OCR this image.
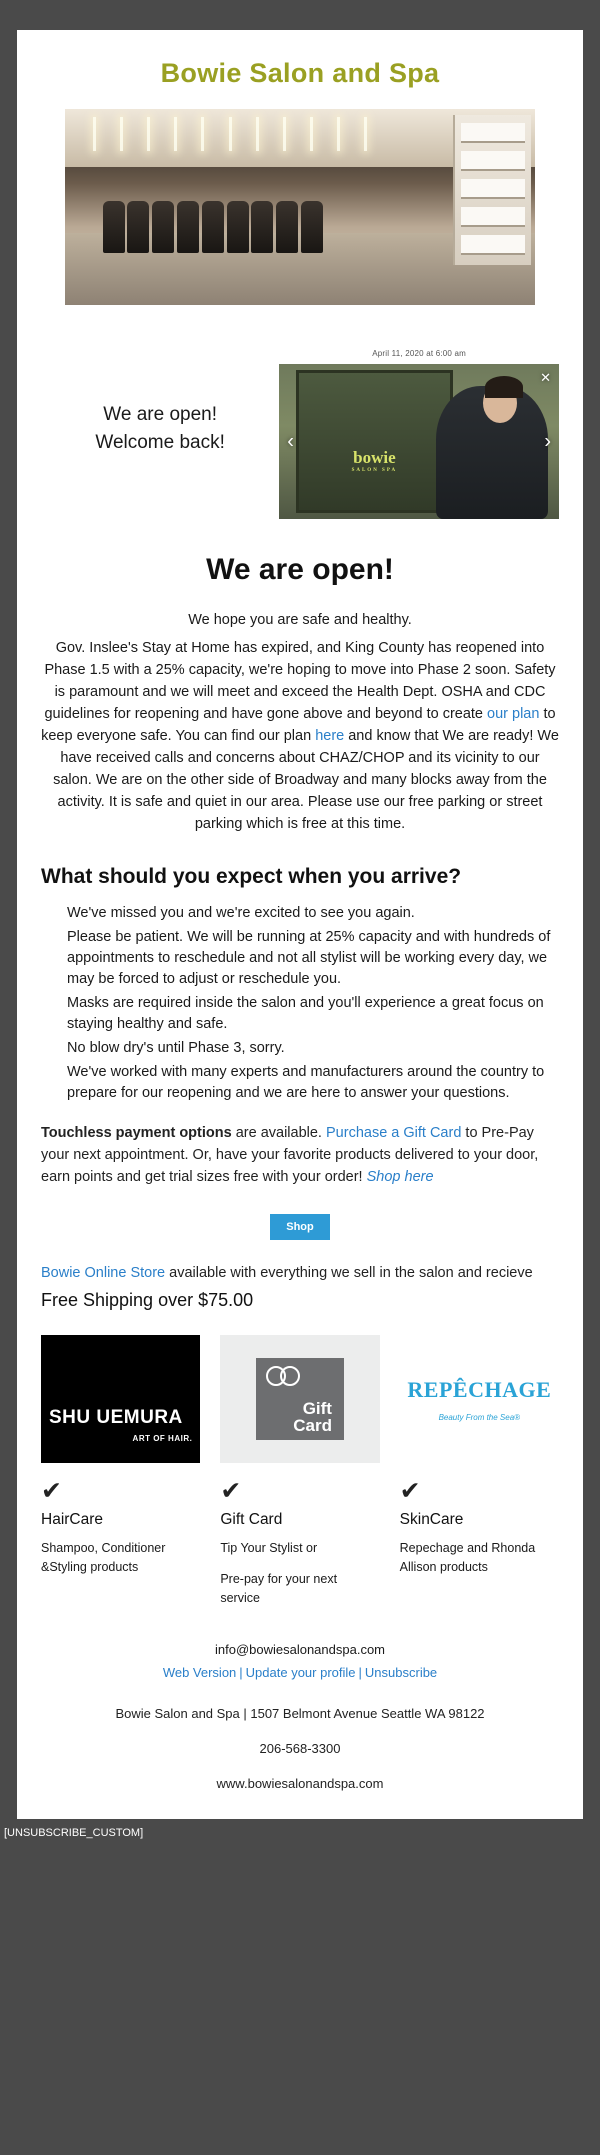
Bowie Salon and Spa

We are open!

Welcome back!

April 11, 2020 at 6:00 am
bowie
SALON SPA
‹	›
✕
We are open!

We hope you are safe and healthy.

Gov. Inslee's Stay at Home has expired, and King County has reopened into Phase 1.5 with a 25% capacity, we're hoping to move into Phase 2 soon. Safety is paramount and we will meet and exceed the Health Dept. OSHA and CDC guidelines for reopening and have gone above and beyond to create our plan to keep everyone safe. You can find our plan here and know that We are ready! We have received calls and concerns about CHAZ/CHOP and its vicinity to our salon. We are on the other side of Broadway and many blocks away from the activity. It is safe and quiet in our area. Please use our free parking or street parking which is free at this time.

What should you expect when you arrive?
We've missed you and we're excited to see you again.
Please be patient. We will be running at 25% capacity and with hundreds of appointments to reschedule and not all stylist will be working every day, we may be forced to adjust or reschedule you.
Masks are required inside the salon and you'll experience a great focus on staying healthy and safe.
No blow dry's until Phase 3, sorry.
We've worked with many experts and manufacturers around the country to prepare for our reopening and we are here to answer your questions.

Touchless payment options are available. Purchase a Gift Card to Pre-Pay your next appointment. Or, have your favorite products delivered to your door, earn points and get trial sizes free with your order! Shop here

Shop

Bowie Online Store available with everything we sell in the salon and recieve

Free Shipping over $75.00

SHU UEMURA
ART OF HAIR.
✔
HairCare

Shampoo, Conditioner &Styling products

Gift
Card
✔
Gift Card

Tip Your Stylist or

Pre-pay for your next service

REPÊCHAGE
Beauty From the Sea®
✔
SkinCare

Repechage and Rhonda Allison products

info@bowiesalonandspa.com
Web Version | Update your profile | Unsubscribe
Bowie Salon and Spa | 1507 Belmont Avenue Seattle WA 98122
206-568-3300
www.bowiesalonandspa.com
[UNSUBSCRIBE_CUSTOM]
